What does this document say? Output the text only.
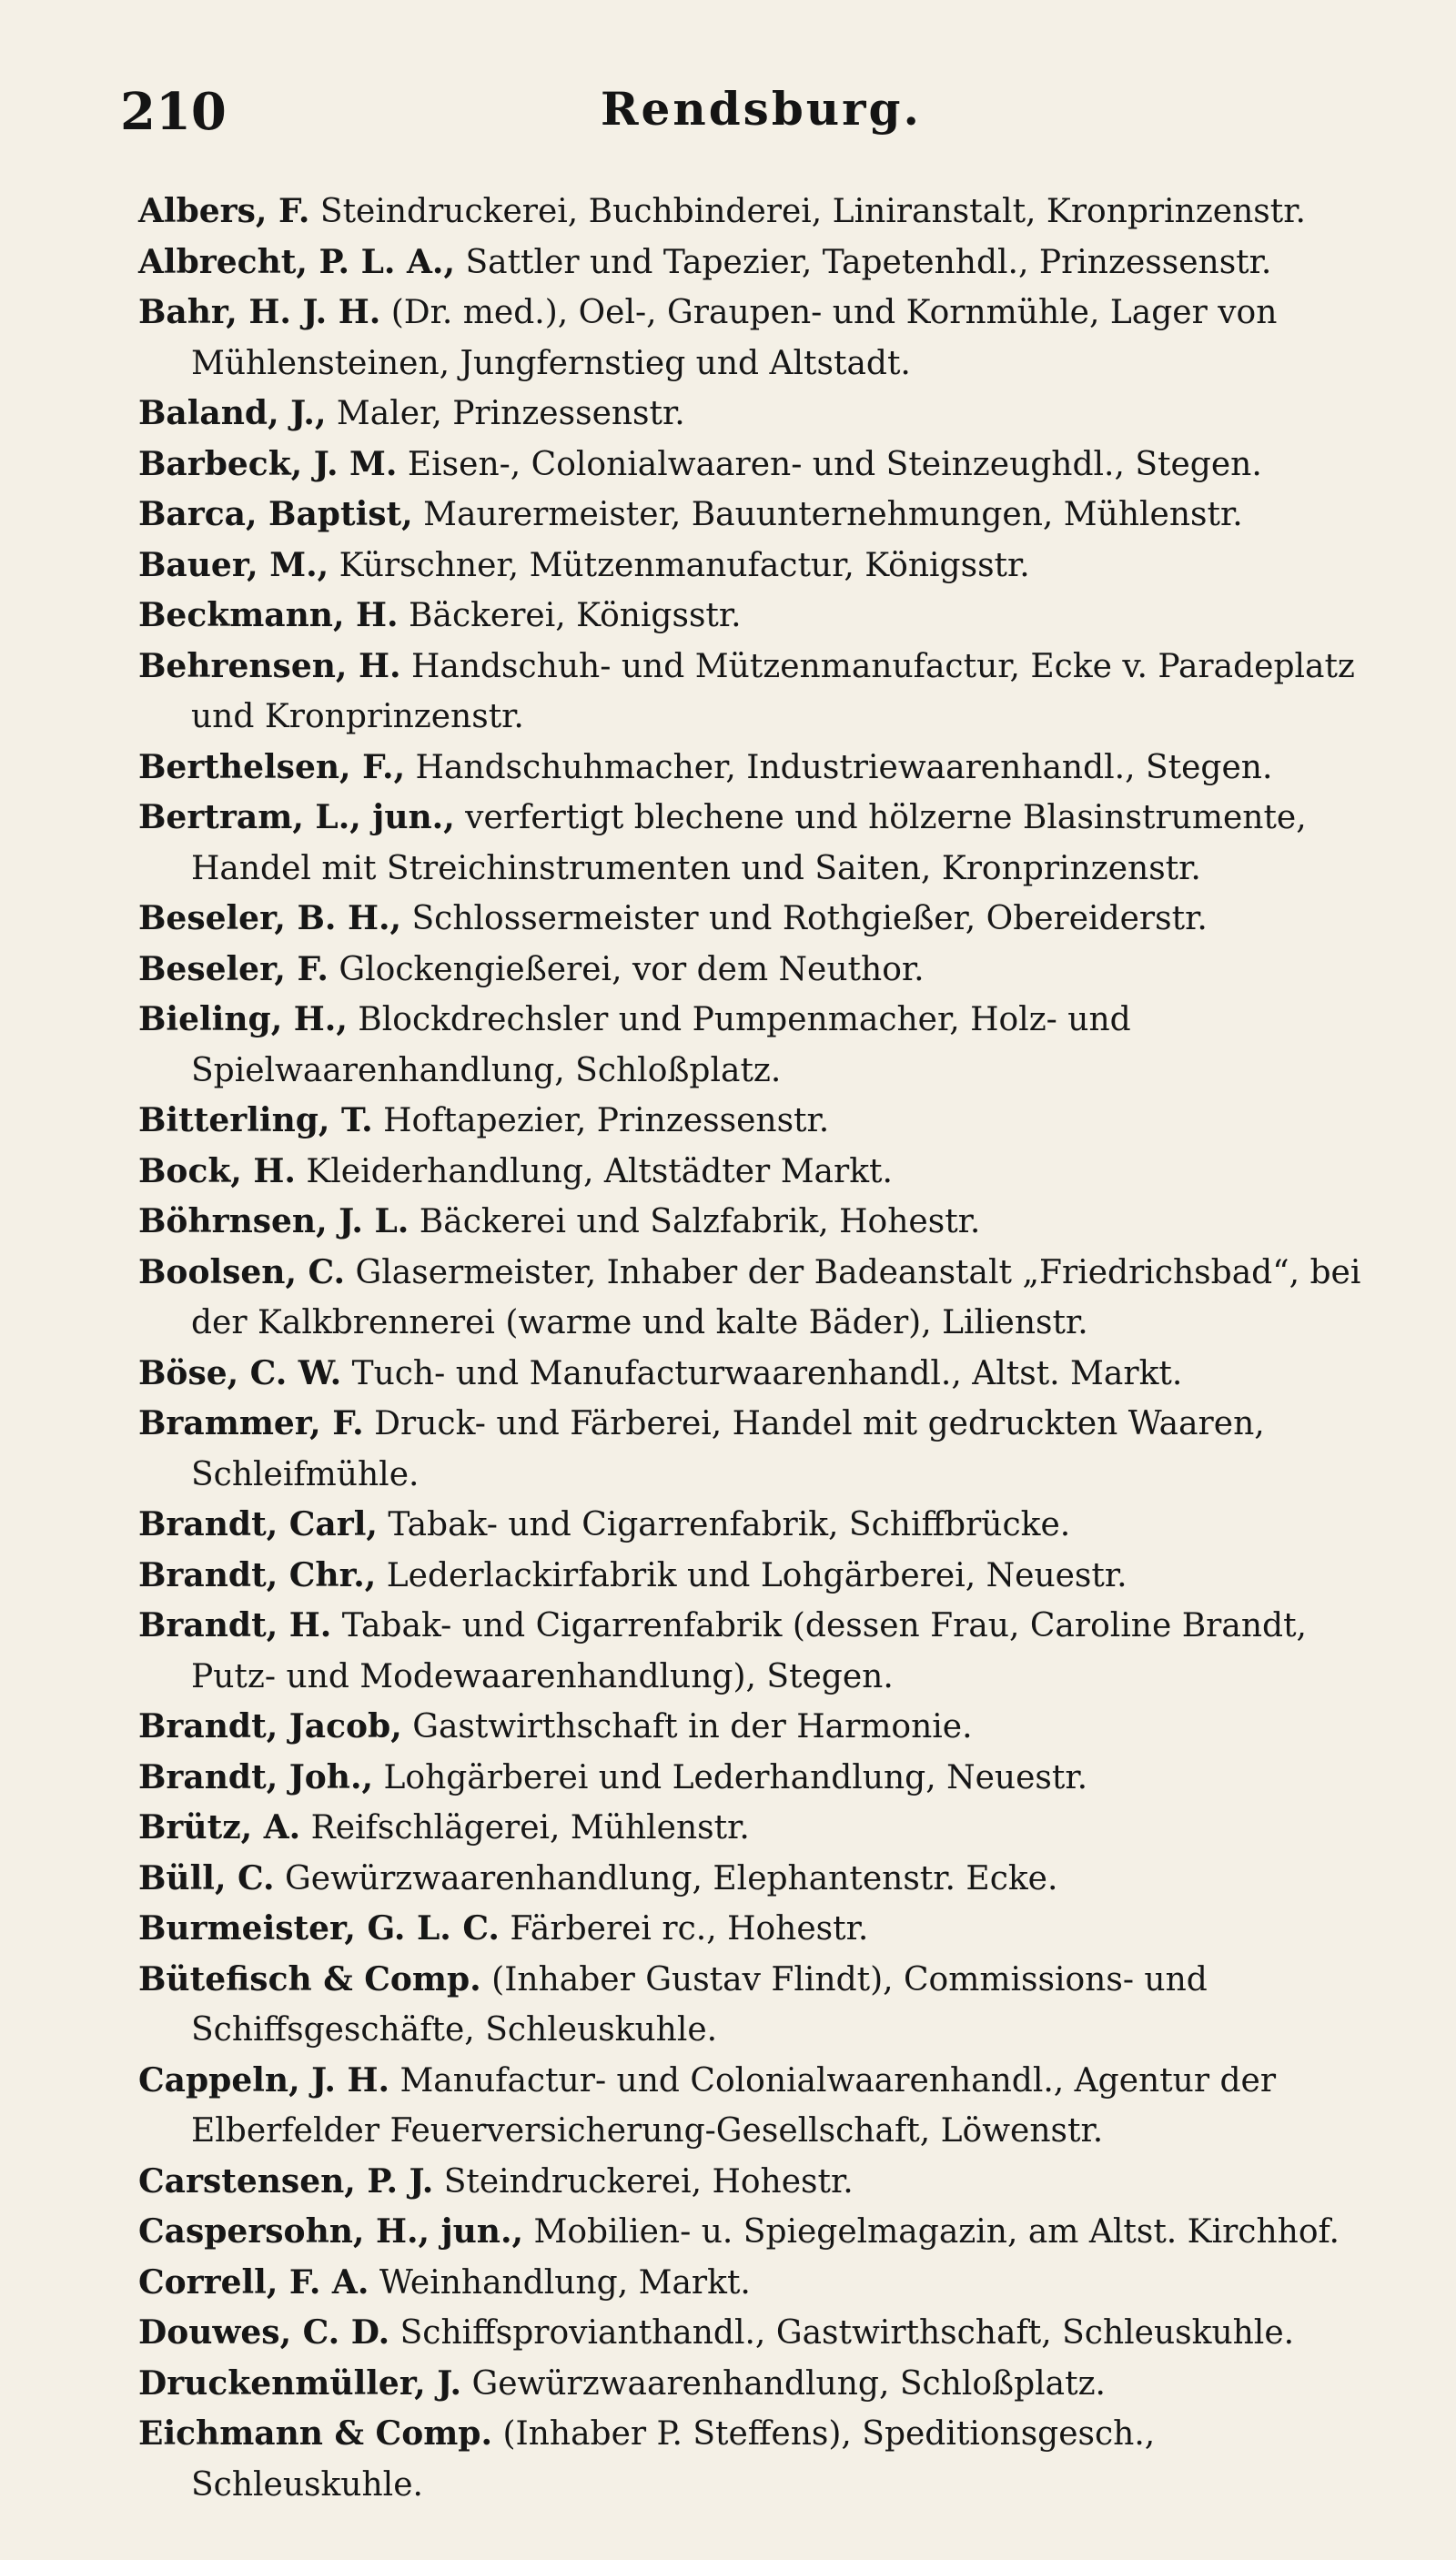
210	Rendsburg.
Albers, F. Steindruckerei, Buchbinderei, Liniranstalt, Kronprinzenstr.
Albrecht, P. L. A., Sattler und Tapezier, Tapetenhdl., Prinzessenstr.
Bahr, H. J. H. (Dr. med.), Oel-, Graupen- und Kornmühle, Lager von Mühlensteinen, Jungfernstieg und Altstadt.
Baland, J., Maler, Prinzessenstr.
Barbeck, J. M. Eisen-, Colonialwaaren- und Steinzeughdl., Stegen.
Barca, Baptist, Maurermeister, Bauunternehmungen, Mühlenstr.
Bauer, M., Kürschner, Mützenmanufactur, Königsstr.
Beckmann, H. Bäckerei, Königsstr.
Behrensen, H. Handschuh- und Mützenmanufactur, Ecke v. Paradeplatz und Kronprinzenstr.
Berthelsen, F., Handschuhmacher, Industriewaarenhandl., Stegen.
Bertram, L., jun., verfertigt blechene und hölzerne Blasinstrumente, Handel mit Streichinstrumenten und Saiten, Kronprinzenstr.
Beseler, B. H., Schlossermeister und Rothgießer, Obereiderstr.
Beseler, F. Glockengießerei, vor dem Neuthor.
Bieling, H., Blockdrechsler und Pumpenmacher, Holz- und Spielwaarenhandlung, Schloßplatz.
Bitterling, T. Hoftapezier, Prinzessenstr.
Bock, H. Kleiderhandlung, Altstädter Markt.
Böhrnsen, J. L. Bäckerei und Salzfabrik, Hohestr.
Boolsen, C. Glasermeister, Inhaber der Badeanstalt „Friedrichsbad“, bei der Kalkbrennerei (warme und kalte Bäder), Lilienstr.
Böse, C. W. Tuch- und Manufacturwaarenhandl., Altst. Markt.
Brammer, F. Druck- und Färberei, Handel mit gedruckten Waaren, Schleifmühle.
Brandt, Carl, Tabak- und Cigarrenfabrik, Schiffbrücke.
Brandt, Chr., Lederlackirfabrik und Lohgärberei, Neuestr.
Brandt, H. Tabak- und Cigarrenfabrik (dessen Frau, Caroline Brandt, Putz- und Modewaarenhandlung), Stegen.
Brandt, Jacob, Gastwirthschaft in der Harmonie.
Brandt, Joh., Lohgärberei und Lederhandlung, Neuestr.
Brütz, A. Reifschlägerei, Mühlenstr.
Büll, C. Gewürzwaarenhandlung, Elephantenstr. Ecke.
Burmeister, G. L. C. Färberei rc., Hohestr.
Bütefisch & Comp. (Inhaber Gustav Flindt), Commissions- und Schiffsgeschäfte, Schleuskuhle.
Cappeln, J. H. Manufactur- und Colonialwaarenhandl., Agentur der Elberfelder Feuerversicherung-Gesellschaft, Löwenstr.
Carstensen, P. J. Steindruckerei, Hohestr.
Caspersohn, H., jun., Mobilien- u. Spiegelmagazin, am Altst. Kirchhof.
Correll, F. A. Weinhandlung, Markt.
Douwes, C. D. Schiffsprovianthandl., Gastwirthschaft, Schleuskuhle.
Druckenmüller, J. Gewürzwaarenhandlung, Schloßplatz.
Eichmann & Comp. (Inhaber P. Steffens), Speditionsgesch., Schleuskuhle.
